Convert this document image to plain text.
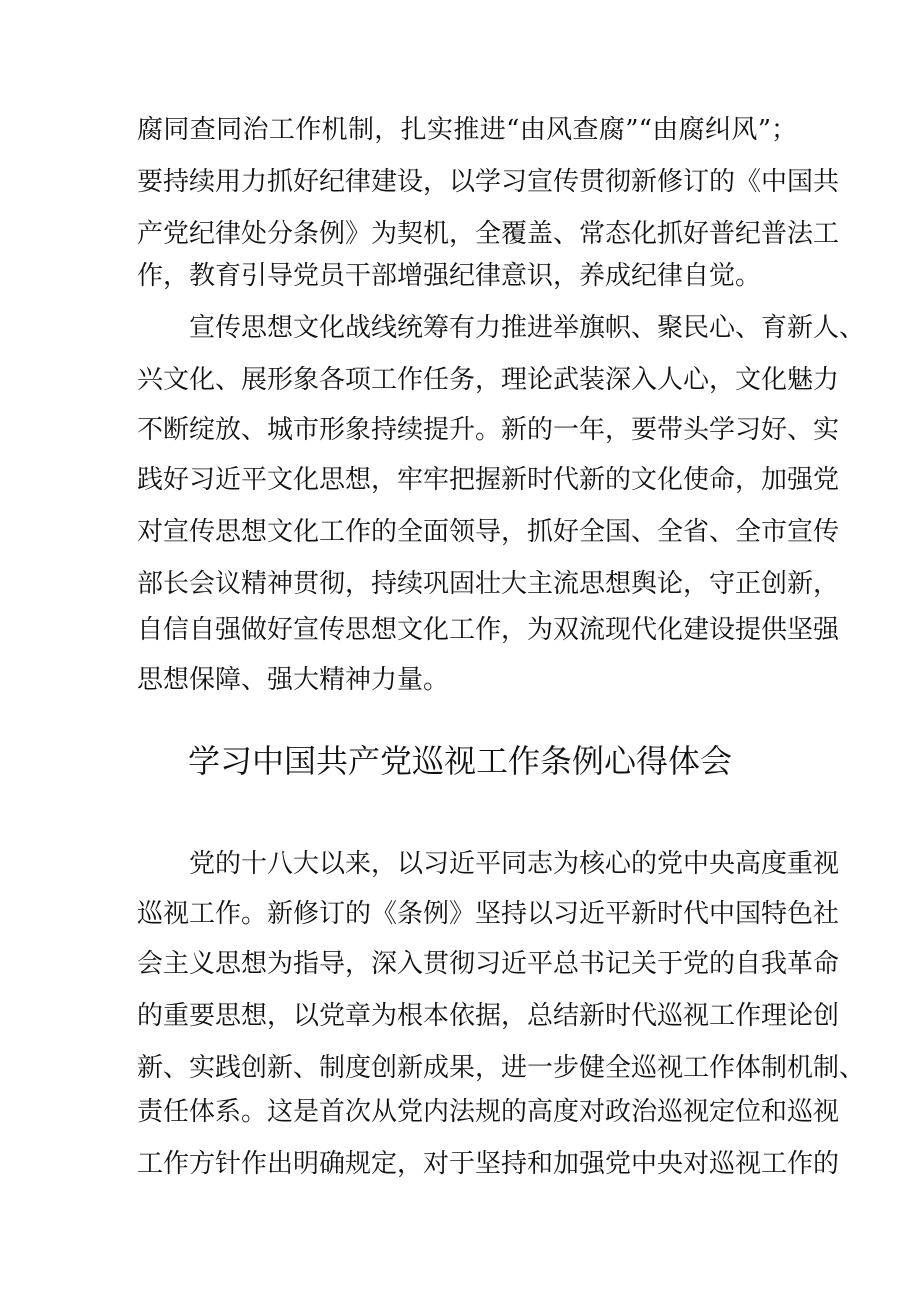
腐同查同治工作机制，扎实推进“由风查腐”“由腐纠风”；
要持续用力抓好纪律建设，以学习宣传贯彻新修订的《中国共
产党纪律处分条例》为契机，全覆盖、常态化抓好普纪普法工
作，教育引导党员干部增强纪律意识，养成纪律自觉。
宣传思想文化战线统筹有力推进举旗帜、聚民心、育新人、
兴文化、展形象各项工作任务，理论武装深入人心，文化魅力
不断绽放、城市形象持续提升。新的一年，要带头学习好、实
践好习近平文化思想，牢牢把握新时代新的文化使命，加强党
对宣传思想文化工作的全面领导，抓好全国、全省、全市宣传
部长会议精神贯彻，持续巩固壮大主流思想舆论，守正创新，
自信自强做好宣传思想文化工作，为双流现代化建设提供坚强
思想保障、强大精神力量。
学习中国共产党巡视工作条例心得体会
党的十八大以来，以习近平同志为核心的党中央高度重视
巡视工作。新修订的《条例》坚持以习近平新时代中国特色社
会主义思想为指导，深入贯彻习近平总书记关于党的自我革命
的重要思想，以党章为根本依据，总结新时代巡视工作理论创
新、实践创新、制度创新成果，进一步健全巡视工作体制机制、
责任体系。这是首次从党内法规的高度对政治巡视定位和巡视
工作方针作出明确规定，对于坚持和加强党中央对巡视工作的
